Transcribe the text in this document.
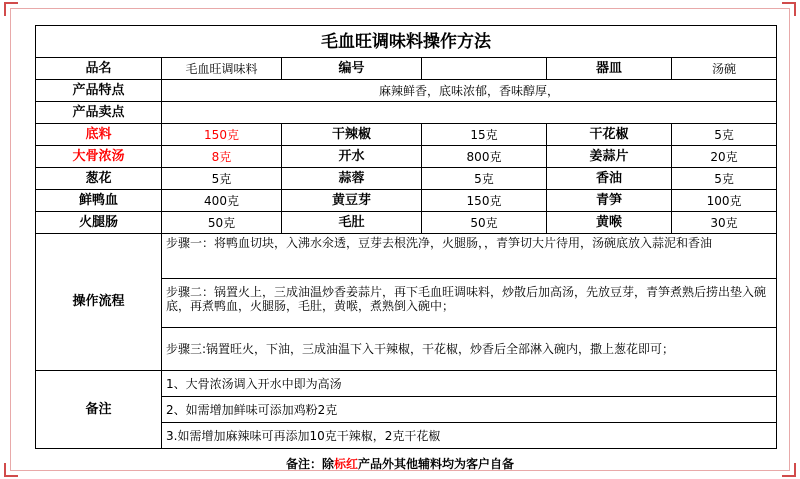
毛血旺调味料操作方法					
品名	毛血旺调味料	编号		器皿	汤碗
产品特点	麻辣鲜香，底味浓郁，香味醇厚，				
产品卖点					
底料	150克	干辣椒	15克	干花椒	5克
大骨浓汤	8克	开水	800克	姜蒜片	20克
葱花	5克	蒜蓉	5克	香油	5克
鲜鸭血	400克	黄豆芽	150克	青笋	100克
火腿肠	50克	毛肚	50克	黄喉	30克
操作流程	步骤一：将鸭血切块，入沸水氽透，豆芽去根洗净，火腿肠，，青笋切大片待用，汤碗底放入蒜泥和香油				
	步骤二：锅置火上，三成油温炒香姜蒜片，再下毛血旺调味料，炒散后加高汤，先放豆芽，青笋煮熟后捞出垫入碗底，再煮鸭血，火腿肠，毛肚，黄喉，煮熟倒入碗中；				
	步骤三:锅置旺火，下油，三成油温下入干辣椒，干花椒，炒香后全部淋入碗内，撒上葱花即可；				
备注	1、大骨浓汤调入开水中即为高汤				
	2、如需增加鲜味可添加鸡粉2克				
	3.如需增加麻辣味可再添加10克干辣椒，2克干花椒				
备注：除标红产品外其他辅料均为客户自备
